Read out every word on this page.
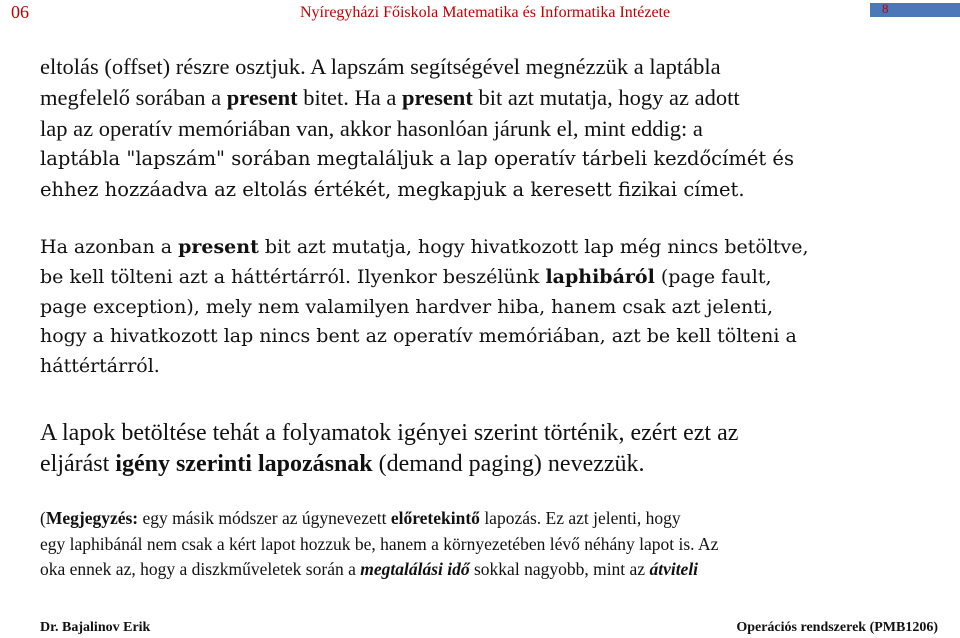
06	Nyíregyházi Főiskola Matematika és Informatika Intézete	8
eltolás (offset) részre osztjuk. A lapszám segítségével megnézzük a laptábla
megfelelő sorában a present bitet. Ha a present bit azt mutatja, hogy az adott
lap az operatív memóriában van, akkor hasonlóan járunk el, mint eddig: a
laptábla "lapszám" sorában megtaláljuk a lap operatív tárbeli kezdőcímét és
ehhez hozzáadva az eltolás értékét, megkapjuk a keresett fizikai címet.
Ha azonban a present bit azt mutatja, hogy hivatkozott lap még nincs betöltve,
be kell tölteni azt a háttértárról. Ilyenkor beszélünk laphibáról (page fault,
page exception), mely nem valamilyen hardver hiba, hanem csak azt jelenti,
hogy a hivatkozott lap nincs bent az operatív memóriában, azt be kell tölteni a
háttértárról.
A lapok betöltése tehát a folyamatok igényei szerint történik, ezért ezt az
eljárást igény szerinti lapozásnak (demand paging) nevezzük.
(Megjegyzés: egy másik módszer az úgynevezett előretekintő lapozás. Ez azt jelenti, hogy
egy laphibánál nem csak a kért lapot hozzuk be, hanem a környezetében lévő néhány lapot is. Az
oka ennek az, hogy a diszkműveletek során a megtalálási idő sokkal nagyobb, mint az átviteli
Dr. Bajalinov Erik	Operációs rendszerek (PMB1206)
